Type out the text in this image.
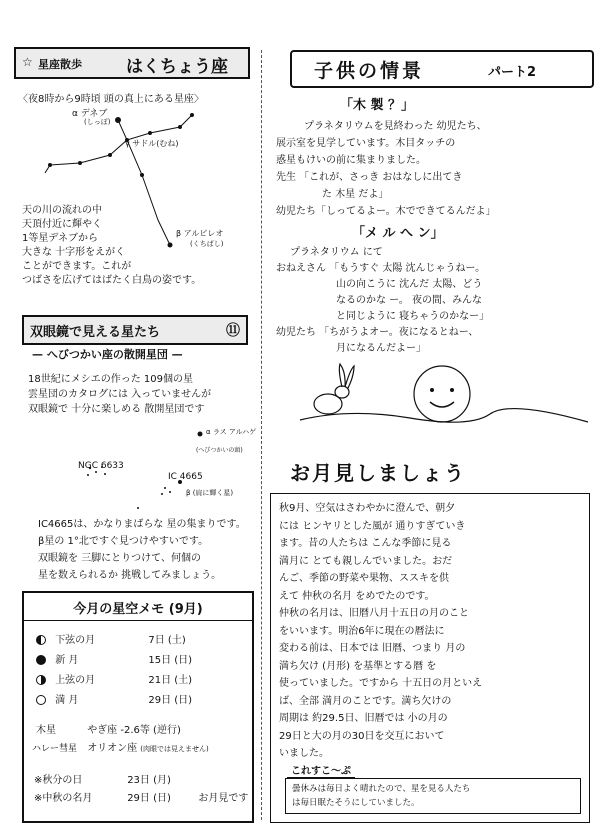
☆ 星座散歩	はくちょう座
〈夜8時から9時頃 頭の真上にある星座〉
α デネブ
(しっぽ)
γ サドル(むね)
β アルビレオ
(くちばし)
天の川の流れの中
天頂付近に輝やく
1等星デネブから
大きな 十字形をえがく
ことができます。これが
つばさを広げてはばたく白鳥の姿です。
双眼鏡で見える星たち	⑪
— へびつかい座の散開星団 —
18世紀にメシエの作った 109個の星
雲星団のカタログには 入っていませんが
双眼鏡で 十分に楽しめる 散開星団です
α ラス アルハゲ
(へびつかいの頭)
NGC 6633
IC 4665
β (肩に輝く星)
IC4665は、かなりまばらな 星の集まりです。
β星の 1°北ですぐ見つけやすいです。
双眼鏡を 三脚にとりつけて、何個の
星を数えられるか 挑戦してみましょう。
今月の星空メモ (9月)
下弦の月	7日 (土)
新 月	15日 (日)
上弦の月	21日 (土)
満 月	29日 (日)
木星	やぎ座 -2.6等 (逆行)
ハレー彗星 オリオン座 (肉眼では見えません)
※秋分の日	23日 (月)
※中秋の名月	29日 (日)	お月見です
子供の情景	パート2
「木 製 ？」
プラネタリウムを見終わった 幼児たち、
展示室を見学しています。木目タッチの
惑星もけいの前に集まりました。
先生 「これが、さっき おはなしに出てき
た 木星 だよ」
幼児たち「しってるよー。木でできてるんだよ」
「メ ル へ ン」
プラネタリウム にて
おねえさん 「もうすぐ 太陽 沈んじゃうねー。
山の向こうに 沈んだ 太陽、どう
なるのかな ー。 夜の間、みんな
と同じように 寝ちゃうのかなー」
幼児たち 「ちがうよオー。夜になるとねー、
月になるんだよー」
お月見しましょう
秋9月、空気はさわやかに澄んで、朝夕
には ヒンヤリとした風が 通りすぎていき
ます。昔の人たちは こんな季節に見る
満月に とても親しんでいました。おだ
んご、季節の野菜や果物、ススキを供
えて 仲秋の名月 をめでたのです。
仲秋の名月は、旧暦八月十五日の月のこと
をいいます。明治6年に現在の暦法に
変わる前は、日本では 旧暦、つまり 月の
満ち欠け (月形) を基準とする暦 を
使っていました。ですから 十五日の月といえ
ば、全部 満月のことです。満ち欠けの
周期は 約29.5日、旧暦では 小の月の
29日と大の月の30日を交互において
いました。
これすこ～ぷ
曇休みは毎日よく晴れたので、星を見る人たち
は毎日眠たそうにしていました。
